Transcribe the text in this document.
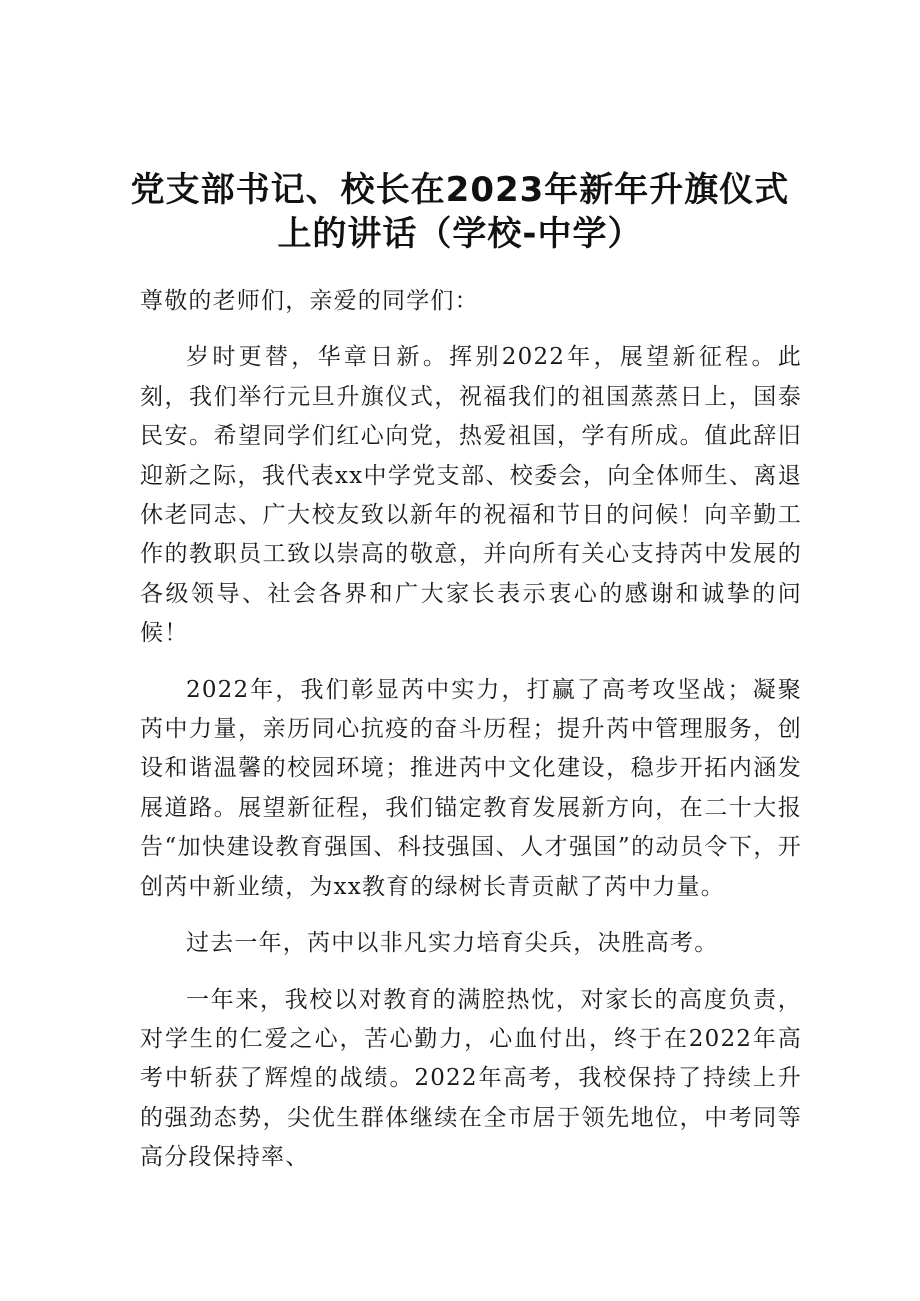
党支部书记、校长在2023年新年升旗仪式
上的讲话（学校-中学）

尊敬的老师们，亲爱的同学们：

岁时更替，华章日新。挥别2022年，展望新征程。此刻，我们举行元旦升旗仪式，祝福我们的祖国蒸蒸日上，国泰民安。希望同学们红心向党，热爱祖国，学有所成。值此辞旧迎新之际，我代表xx中学党支部、校委会，向全体师生、离退休老同志、广大校友致以新年的祝福和节日的问候！向辛勤工作的教职员工致以崇高的敬意，并向所有关心支持芮中发展的各级领导、社会各界和广大家长表示衷心的感谢和诚挚的问候！

2022年，我们彰显芮中实力，打赢了高考攻坚战；凝聚芮中力量，亲历同心抗疫的奋斗历程；提升芮中管理服务，创设和谐温馨的校园环境；推进芮中文化建设，稳步开拓内涵发展道路。展望新征程，我们锚定教育发展新方向，在二十大报告“加快建设教育强国、科技强国、人才强国”的动员令下，开创芮中新业绩，为xx教育的绿树长青贡献了芮中力量。

过去一年，芮中以非凡实力培育尖兵，决胜高考。

一年来，我校以对教育的满腔热忱，对家长的高度负责，对学生的仁爱之心，苦心勤力，心血付出，终于在2022年高考中斩获了辉煌的战绩。2022年高考，我校保持了持续上升的强劲态势，尖优生群体继续在全市居于领先地位，中考同等高分段保持率、
